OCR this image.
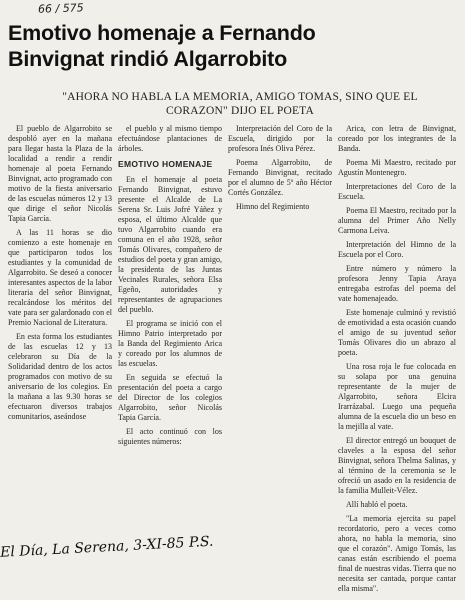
66 / 575
Emotivo homenaje a Fernando
Binvignat rindió Algarrobito
"AHORA NO HABLA LA MEMORIA, AMIGO TOMAS, SINO QUE EL CORAZON" DIJO EL POETA

El pueblo de Algarrobito se despobló ayer en la mañana para llegar hasta la Plaza de la localidad a rendir a rendir homenaje al poeta Fernando Binvignat, acto programado con motivo de la fiesta aniversario de las escuelas números 12 y 13 que dirige el señor Nicolás Tapia García.

A las 11 horas se dio comienzo a este homenaje en que participaron todos los estudiantes y la comunidad de Algarrobito. Se deseó a conocer interesantes aspectos de la labor literaria del señor Binvignat, recalcándose los méritos del vate para ser galardonado con el Premio Nacional de Literatura.

En esta forma los estudiantes de las escuelas 12 y 13 celebraron su Día de la Solidaridad dentro de los actos programados con motivo de su aniversario de los colegios. En la mañana a las 9.30 horas se efectuaron diversos trabajos comunitarios, aseándose

el pueblo y al mismo tiempo efectuándose plantaciones de árboles.

EMOTIVO HOMENAJE

En el homenaje al poeta Fernando Binvignat, estuvo presente el Alcalde de La Serena Sr. Luis Jofré Yáñez y esposa, el último Alcalde que tuvo Algarrobito cuando era comuna en el año 1928, señor Tomás Olivares, compañero de estudios del poeta y gran amigo, la presidenta de las Juntas Vecinales Rurales, señora Elsa Egeño, autoridades y representantes de agrupaciones del pueblo.

El programa se inició con el Himno Patrio interpretado por la Banda del Regimiento Arica y coreado por los alumnos de las escuelas.

En seguida se efectuó la presentación del poeta a cargo del Director de los colegios Algarrobito, señor Nicolás Tapia García.

El acto continuó con los siguientes números:

Interpretación del Coro de la Escuela, dirigido por la profesora Inés Oliva Pérez.

Poema Algarrobito, de Fernando Binvignat, recitado por el alumno de 5º año Héctor Cortés González.

Himno del Regimiento

Arica, con letra de Binvignat, coreado por los integrantes de la Banda.

Poema Mi Maestro, recitado por Agustín Montenegro.

Interpretaciones del Coro de la Escuela.

Poema El Maestro, recitado por la alumna del Primer Año Nelly Carmona Leiva.

Interpretación del Himno de la Escuela por el Coro.

Entre número y número la profesora Jenny Tapia Araya entregaba estrofas del poema del vate homenajeado.

Este homenaje culminó y revistió de emotividad a esta ocasión cuando el amigo de su juventud señor Tomás Olivares dio un abrazo al poeta.

Una rosa roja le fue colocada en su solapa por una genuina representante de la mujer de Algarrobito, señora Elcira Irarrázabal. Luego una pequeña alumna de la escuela dio un beso en la mejilla al vate.

El director entregó un bouquet de claveles a la esposa del señor Binvignat, señora Thelma Salinas, y al término de la ceremonia se le ofreció un asado en la residencia de la familia Mulleit-Vélez.

Allí habló el poeta.

"La memoria ejercita su papel recordatorio, pero a veces como ahora, no habla la memoria, sino que el corazón". Amigo Tomás, las canas están escribiendo el poema final de nuestras vidas. Tierra que no necesita ser cantada, porque cantar ella misma".

El Día, La Serena, 3-XI-85 P.S.
